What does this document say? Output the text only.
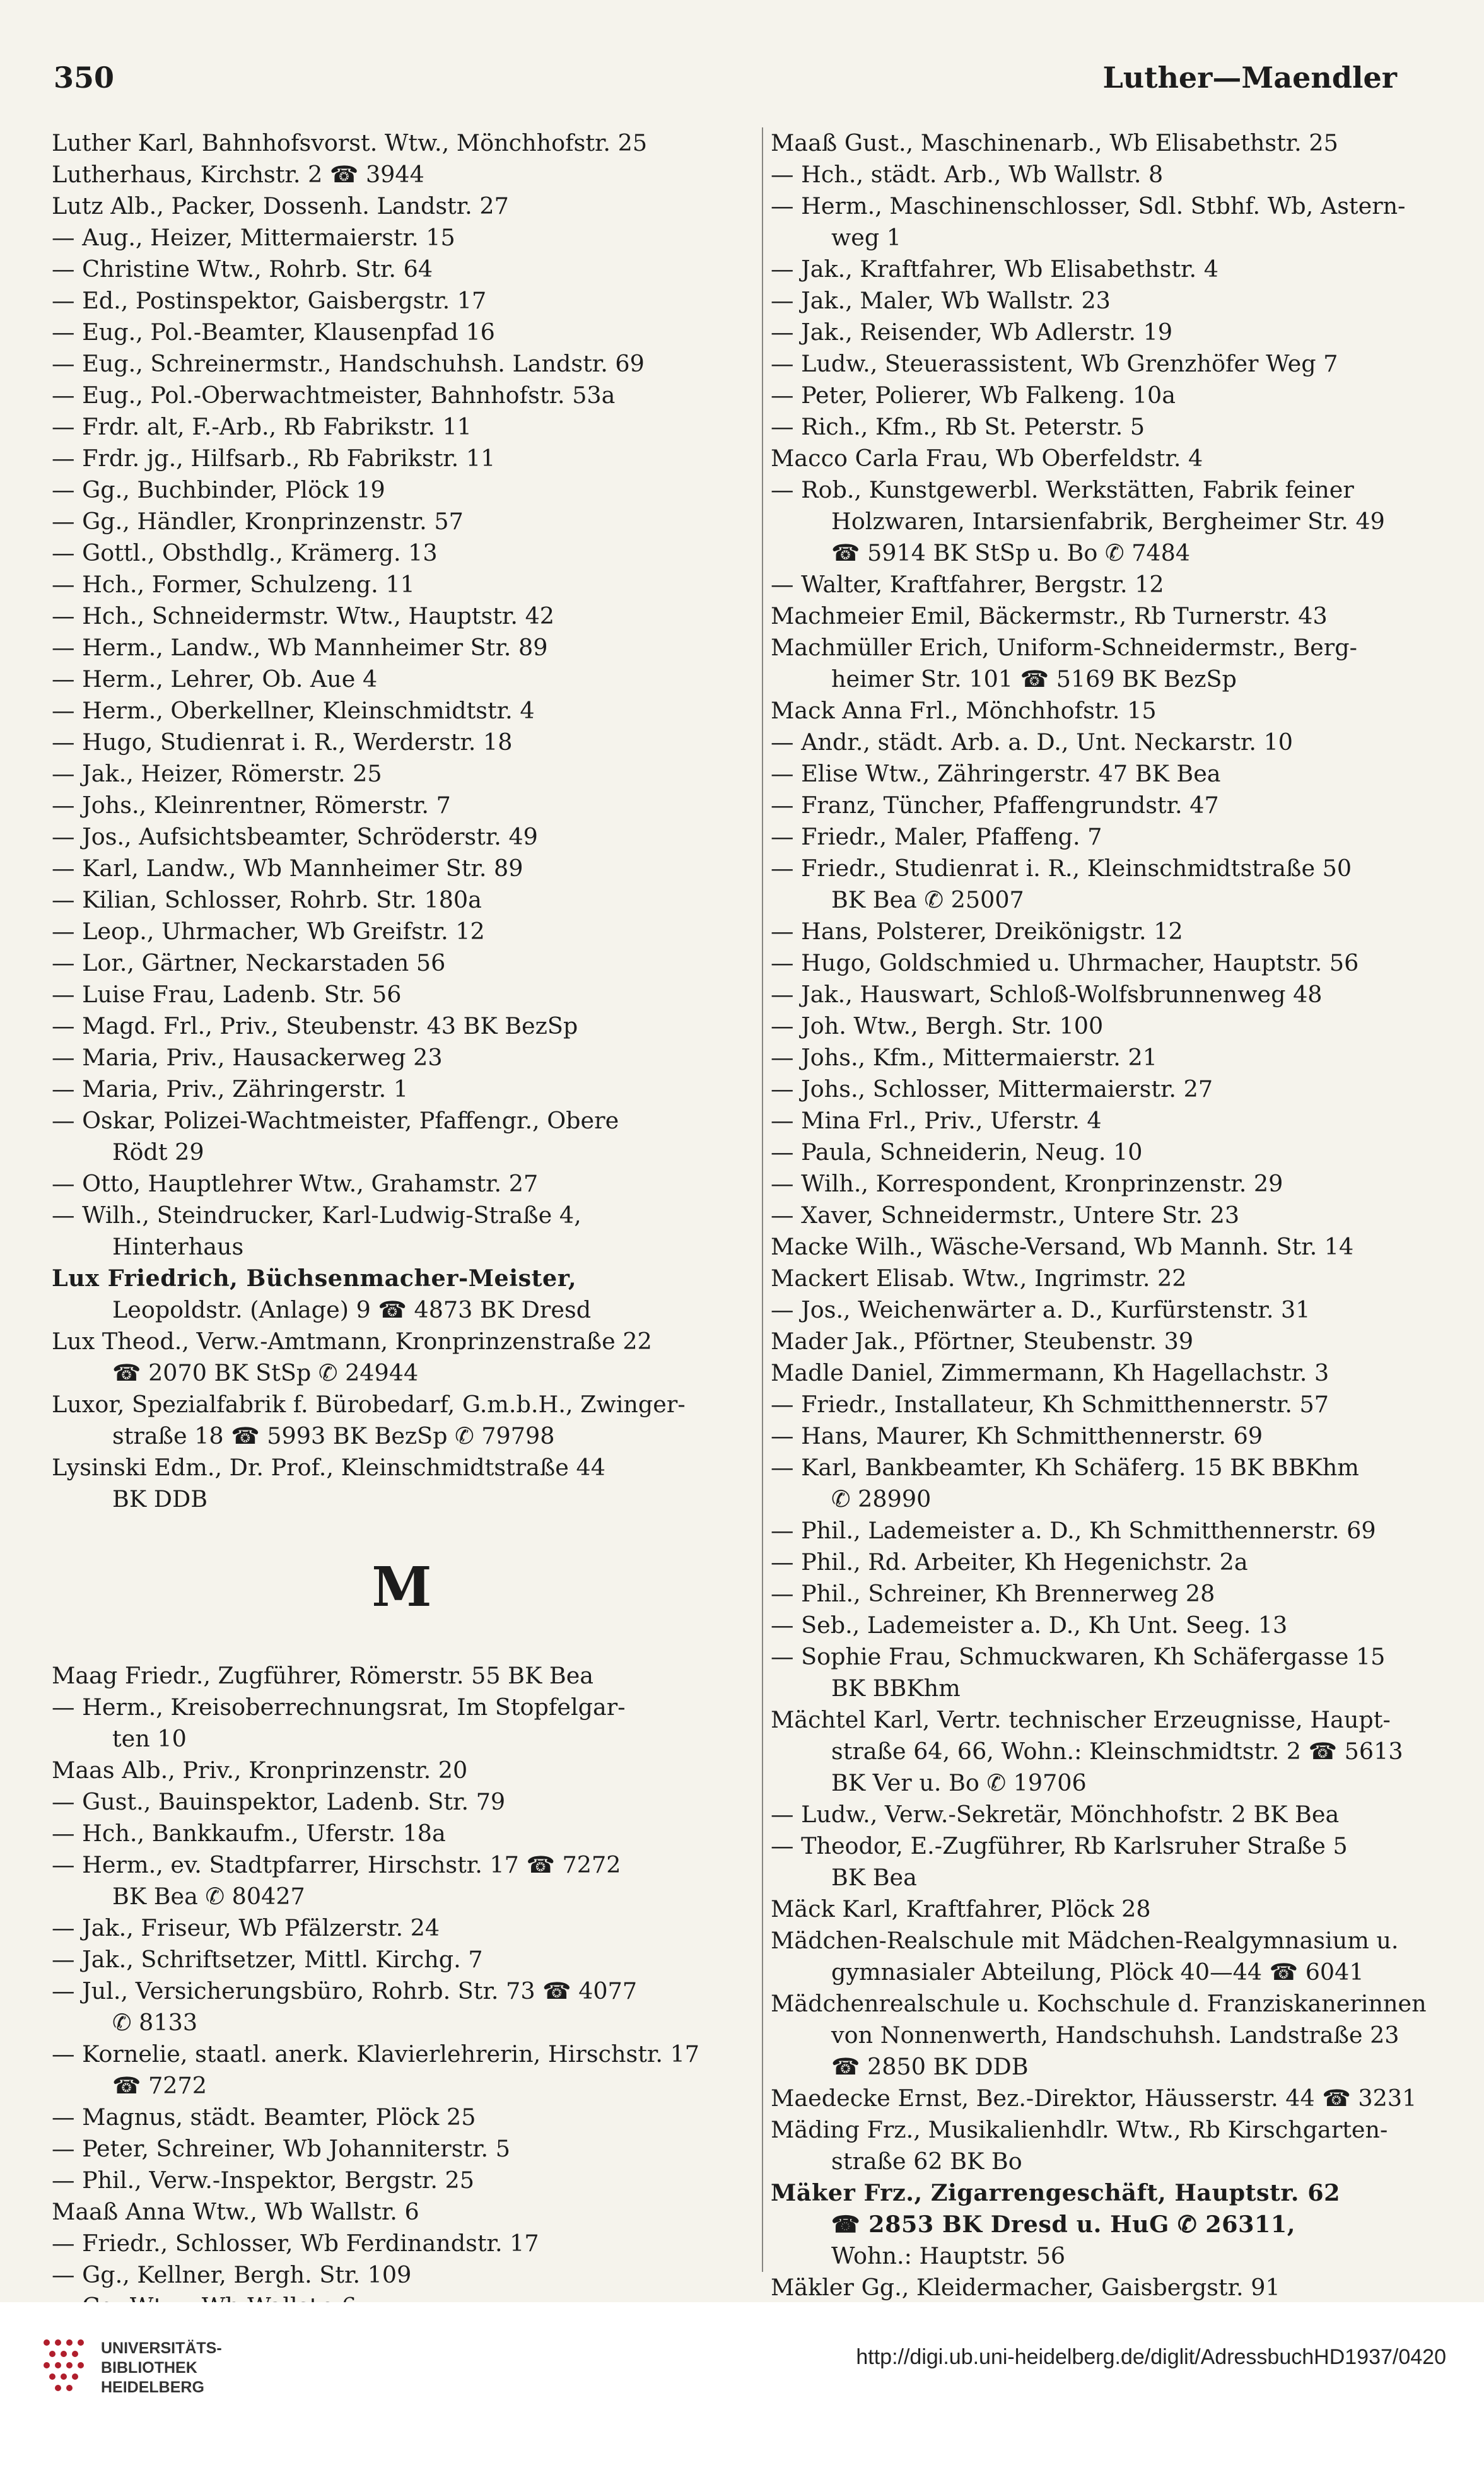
350	Luther—Maendler
Luther Karl, Bahnhofsvorst. Wtw., Mönchhofstr. 25
Lutherhaus, Kirchstr. 2 ☎ 3944
Lutz Alb., Packer, Dossenh. Landstr. 27
— Aug., Heizer, Mittermaierstr. 15
— Christine Wtw., Rohrb. Str. 64
— Ed., Postinspektor, Gaisbergstr. 17
— Eug., Pol.-Beamter, Klausenpfad 16
— Eug., Schreinermstr., Handschuhsh. Landstr. 69
— Eug., Pol.-Oberwachtmeister, Bahnhofstr. 53a
— Frdr. alt, F.-Arb., Rb Fabrikstr. 11
— Frdr. jg., Hilfsarb., Rb Fabrikstr. 11
— Gg., Buchbinder, Plöck 19
— Gg., Händler, Kronprinzenstr. 57
— Gottl., Obsthdlg., Krämerg. 13
— Hch., Former, Schulzeng. 11
— Hch., Schneidermstr. Wtw., Hauptstr. 42
— Herm., Landw., Wb Mannheimer Str. 89
— Herm., Lehrer, Ob. Aue 4
— Herm., Oberkellner, Kleinschmidtstr. 4
— Hugo, Studienrat i. R., Werderstr. 18
— Jak., Heizer, Römerstr. 25
— Johs., Kleinrentner, Römerstr. 7
— Jos., Aufsichtsbeamter, Schröderstr. 49
— Karl, Landw., Wb Mannheimer Str. 89
— Kilian, Schlosser, Rohrb. Str. 180a
— Leop., Uhrmacher, Wb Greifstr. 12
— Lor., Gärtner, Neckarstaden 56
— Luise Frau, Ladenb. Str. 56
— Magd. Frl., Priv., Steubenstr. 43 BK BezSp
— Maria, Priv., Hausackerweg 23
— Maria, Priv., Zähringerstr. 1
— Oskar, Polizei-Wachtmeister, Pfaffengr., Obere
Rödt 29
— Otto, Hauptlehrer Wtw., Grahamstr. 27
— Wilh., Steindrucker, Karl-Ludwig-Straße 4,
Hinterhaus
Lux Friedrich, Büchsenmacher-Meister,
Leopoldstr. (Anlage) 9 ☎ 4873 BK Dresd
Lux Theod., Verw.-Amtmann, Kronprinzenstraße 22
☎ 2070 BK StSp ✆ 24944
Luxor, Spezialfabrik f. Bürobedarf, G.m.b.H., Zwinger-
straße 18 ☎ 5993 BK BezSp ✆ 79798
Lysinski Edm., Dr. Prof., Kleinschmidtstraße 44
BK DDB
M
Maag Friedr., Zugführer, Römerstr. 55 BK Bea
— Herm., Kreisoberrechnungsrat, Im Stopfelgar-
ten 10
Maas Alb., Priv., Kronprinzenstr. 20
— Gust., Bauinspektor, Ladenb. Str. 79
— Hch., Bankkaufm., Uferstr. 18a
— Herm., ev. Stadtpfarrer, Hirschstr. 17 ☎ 7272
BK Bea ✆ 80427
— Jak., Friseur, Wb Pfälzerstr. 24
— Jak., Schriftsetzer, Mittl. Kirchg. 7
— Jul., Versicherungsbüro, Rohrb. Str. 73 ☎ 4077
✆ 8133
— Kornelie, staatl. anerk. Klavierlehrerin, Hirschstr. 17
☎ 7272
— Magnus, städt. Beamter, Plöck 25
— Peter, Schreiner, Wb Johanniterstr. 5
— Phil., Verw.-Inspektor, Bergstr. 25
Maaß Anna Wtw., Wb Wallstr. 6
— Friedr., Schlosser, Wb Ferdinandstr. 17
— Gg., Kellner, Bergh. Str. 109
Maaß Gust., Maschinenarb., Wb Elisabethstr. 25
— Hch., städt. Arb., Wb Wallstr. 8
— Herm., Maschinenschlosser, Sdl. Stbhf. Wb, Astern-
weg 1
— Jak., Kraftfahrer, Wb Elisabethstr. 4
— Jak., Maler, Wb Wallstr. 23
— Jak., Reisender, Wb Adlerstr. 19
— Ludw., Steuerassistent, Wb Grenzhöfer Weg 7
— Peter, Polierer, Wb Falkeng. 10a
— Rich., Kfm., Rb St. Peterstr. 5
Macco Carla Frau, Wb Oberfeldstr. 4
— Rob., Kunstgewerbl. Werkstätten, Fabrik feiner
Holzwaren, Intarsienfabrik, Bergheimer Str. 49
☎ 5914 BK StSp u. Bo ✆ 7484
— Walter, Kraftfahrer, Bergstr. 12
Machmeier Emil, Bäckermstr., Rb Turnerstr. 43
Machmüller Erich, Uniform-Schneidermstr., Berg-
heimer Str. 101 ☎ 5169 BK BezSp
Mack Anna Frl., Mönchhofstr. 15
— Andr., städt. Arb. a. D., Unt. Neckarstr. 10
— Elise Wtw., Zähringerstr. 47 BK Bea
— Franz, Tüncher, Pfaffengrundstr. 47
— Friedr., Maler, Pfaffeng. 7
— Friedr., Studienrat i. R., Kleinschmidtstraße 50
BK Bea ✆ 25007
— Hans, Polsterer, Dreikönigstr. 12
— Hugo, Goldschmied u. Uhrmacher, Hauptstr. 56
— Jak., Hauswart, Schloß-Wolfsbrunnenweg 48
— Joh. Wtw., Bergh. Str. 100
— Johs., Kfm., Mittermaierstr. 21
— Johs., Schlosser, Mittermaierstr. 27
— Mina Frl., Priv., Uferstr. 4
— Paula, Schneiderin, Neug. 10
— Wilh., Korrespondent, Kronprinzenstr. 29
— Xaver, Schneidermstr., Untere Str. 23
Macke Wilh., Wäsche-Versand, Wb Mannh. Str. 14
Mackert Elisab. Wtw., Ingrimstr. 22
— Jos., Weichenwärter a. D., Kurfürstenstr. 31
Mader Jak., Pförtner, Steubenstr. 39
Madle Daniel, Zimmermann, Kh Hagellachstr. 3
— Friedr., Installateur, Kh Schmitthennerstr. 57
— Hans, Maurer, Kh Schmitthennerstr. 69
— Karl, Bankbeamter, Kh Schäferg. 15 BK BBKhm
✆ 28990
— Phil., Lademeister a. D., Kh Schmitthennerstr. 69
— Phil., Rd. Arbeiter, Kh Hegenichstr. 2a
— Phil., Schreiner, Kh Brennerweg 28
— Seb., Lademeister a. D., Kh Unt. Seeg. 13
— Sophie Frau, Schmuckwaren, Kh Schäfergasse 15
BK BBKhm
Mächtel Karl, Vertr. technischer Erzeugnisse, Haupt-
straße 64, 66, Wohn.: Kleinschmidtstr. 2 ☎ 5613
BK Ver u. Bo ✆ 19706
— Ludw., Verw.-Sekretär, Mönchhofstr. 2 BK Bea
— Theodor, E.-Zugführer, Rb Karlsruher Straße 5
BK Bea
Mäck Karl, Kraftfahrer, Plöck 28
Mädchen-Realschule mit Mädchen-Realgymnasium u.
gymnasialer Abteilung, Plöck 40—44 ☎ 6041
Mädchenrealschule u. Kochschule d. Franziskanerinnen
von Nonnenwerth, Handschuhsh. Landstraße 23
☎ 2850 BK DDB
Maedecke Ernst, Bez.-Direktor, Häusserstr. 44 ☎ 3231
Mäding Frz., Musikalienhdlr. Wtw., Rb Kirschgarten-
straße 62 BK Bo
Mäker Frz., Zigarrengeschäft, Hauptstr. 62
☎ 2853 BK Dresd u. HuG ✆ 26311,
Wohn.: Hauptstr. 56
Mäkler Gg., Kleidermacher, Gaisbergstr. 91
UNIVERSITÄTS-
BIBLIOTHEK
HEIDELBERG
http://digi.ub.uni-heidelberg.de/diglit/AdressbuchHD1937/0420
